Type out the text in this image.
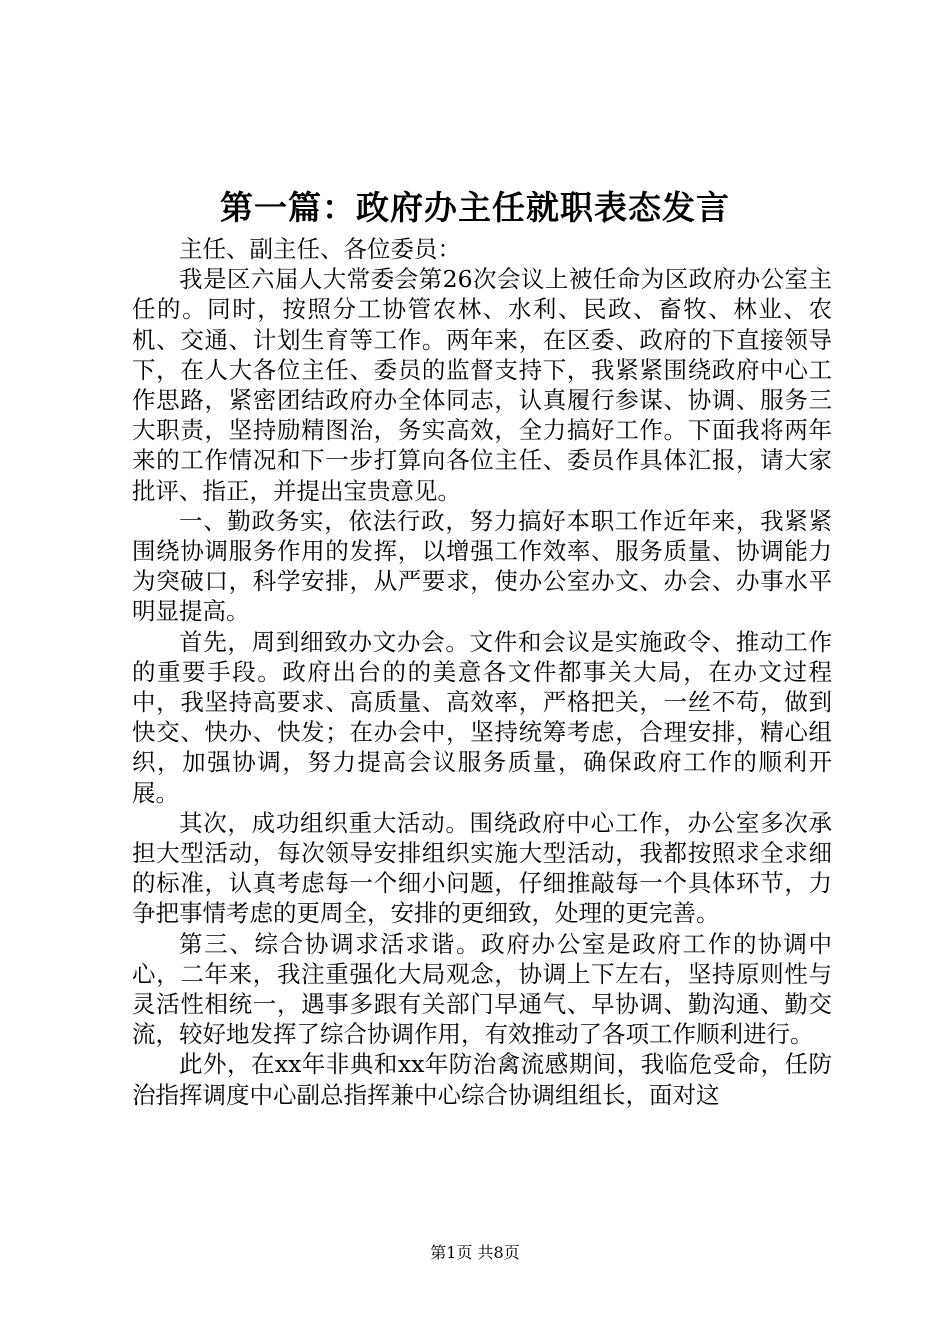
第一篇：政府办主任就职表态发言

主任、副主任、各位委员：

我是区六届人大常委会第26次会议上被任命为区政府办公室主任的。同时，按照分工协管农林、水利、民政、畜牧、林业、农机、交通、计划生育等工作。两年来，在区委、政府的下直接领导下，在人大各位主任、委员的监督支持下，我紧紧围绕政府中心工作思路，紧密团结政府办全体同志，认真履行参谋、协调、服务三大职责，坚持励精图治，务实高效，全力搞好工作。下面我将两年来的工作情况和下一步打算向各位主任、委员作具体汇报，请大家批评、指正，并提出宝贵意见。

一、勤政务实，依法行政，努力搞好本职工作近年来，我紧紧围绕协调服务作用的发挥，以增强工作效率、服务质量、协调能力为突破口，科学安排，从严要求，使办公室办文、办会、办事水平明显提高。

首先，周到细致办文办会。文件和会议是实施政令、推动工作的重要手段。政府出台的的美意各文件都事关大局，在办文过程中，我坚持高要求、高质量、高效率，严格把关，一丝不苟，做到快交、快办、快发；在办会中，坚持统筹考虑，合理安排，精心组织，加强协调，努力提高会议服务质量，确保政府工作的顺利开展。

其次，成功组织重大活动。围绕政府中心工作，办公室多次承担大型活动，每次领导安排组织实施大型活动，我都按照求全求细的标准，认真考虑每一个细小问题，仔细推敲每一个具体环节，力争把事情考虑的更周全，安排的更细致，处理的更完善。

第三、综合协调求活求谐。政府办公室是政府工作的协调中心，二年来，我注重强化大局观念，协调上下左右，坚持原则性与灵活性相统一，遇事多跟有关部门早通气、早协调、勤沟通、勤交流，较好地发挥了综合协调作用，有效推动了各项工作顺利进行。

此外，在xx年非典和xx年防治禽流感期间，我临危受命，任防治指挥调度中心副总指挥兼中心综合协调组组长，面对这

第1页 共8页
